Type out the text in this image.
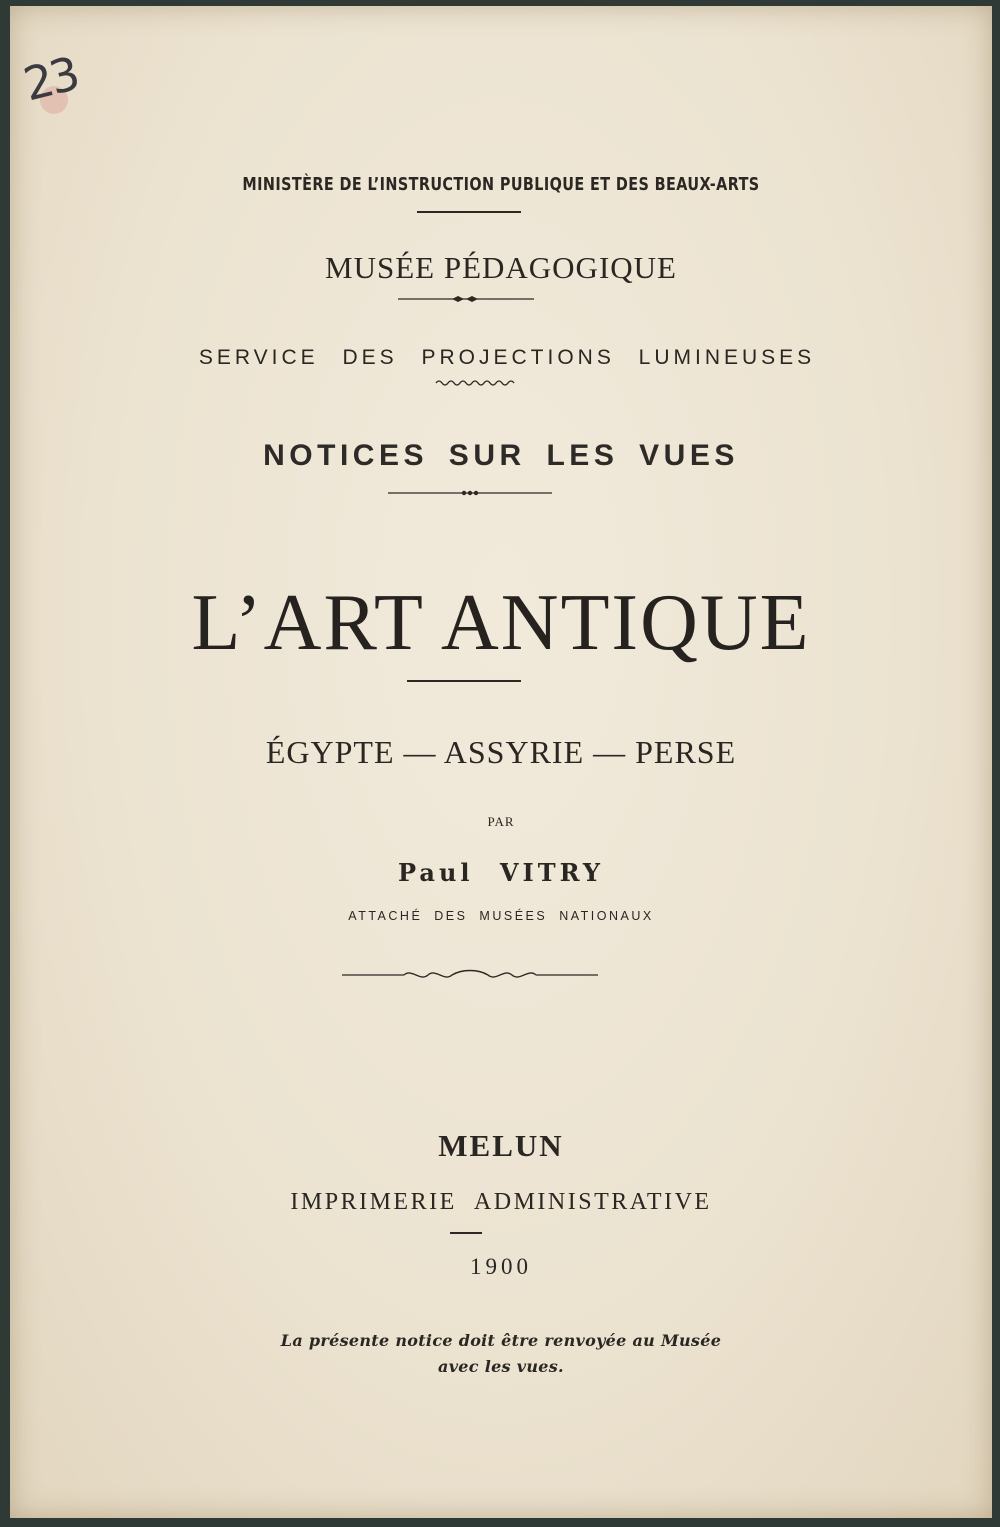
23
MINISTÈRE DE L’INSTRUCTION PUBLIQUE ET DES BEAUX-ARTS
MUSÉE PÉDAGOGIQUE
SERVICE DES PROJECTIONS LUMINEUSES
NOTICES SUR LES VUES
L’ART ANTIQUE
ÉGYPTE — ASSYRIE — PERSE
PAR
Paul VITRY
ATTACHÉ DES MUSÉES NATIONAUX
MELUN
IMPRIMERIE ADMINISTRATIVE
1900
La présente notice doit être renvoyée au Musée
avec les vues.
